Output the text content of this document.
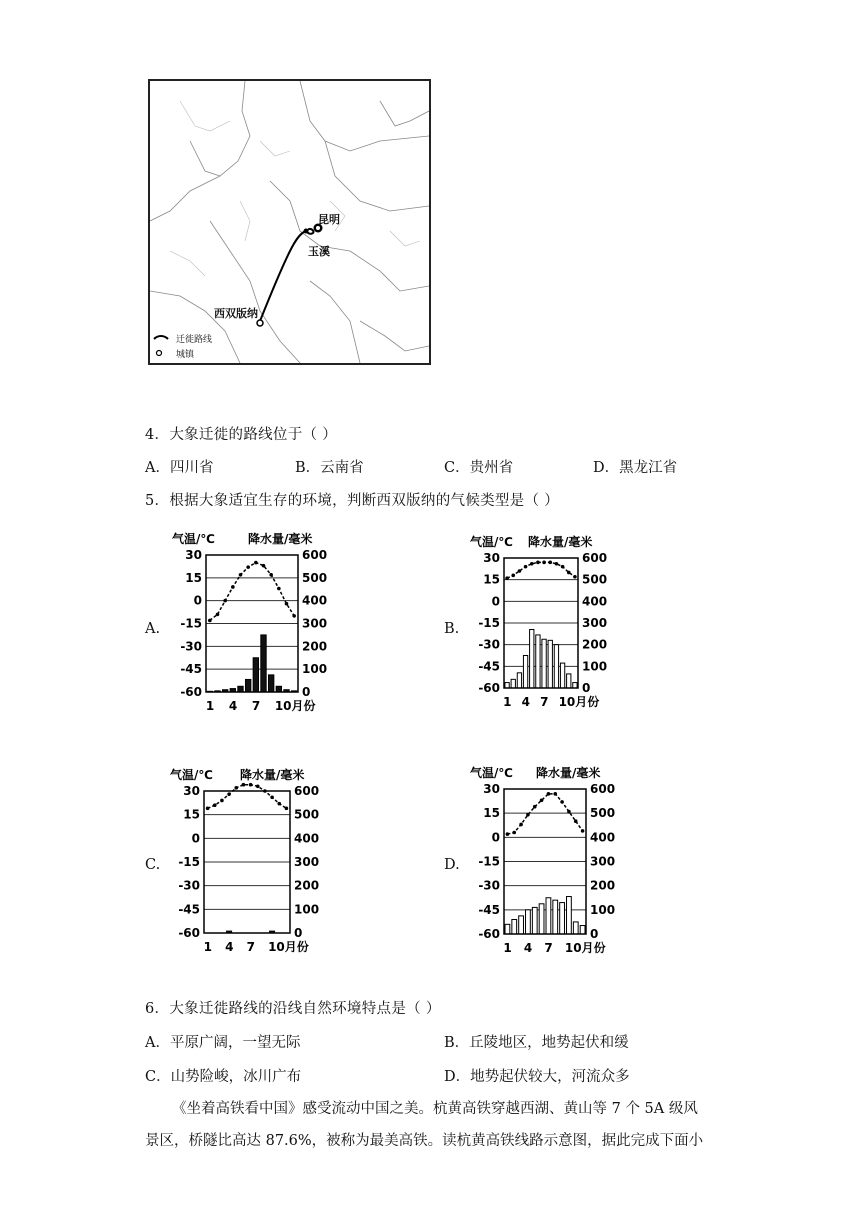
昆明
玉溪
西双版纳
迁徙路线
城镇
4．大象迁徙的路线位于（ ）
A．四川省	B．云南省	C．贵州省	D．黑龙江省
5．根据大象适宜生存的环境，判断西双版纳的气候类型是（ ）
A.	B.
C.	D.
气温/℃	降水量/毫米
30	600
15	500
0	400
-15	300
-30	200
-45	100
-60	0
1 4 7 10月份
气温/℃ 降水量/毫米
30	600
15	500
0	400
-15	300
-30	200
-45	100
-60	0
1 4 7 10月份
气温/℃ 降水量/毫米
30	600
15	500
0	400
-15	300
-30	200
-45	100
-60	0
1 4 7 10月份
气温/℃ 降水量/毫米
30	600
15	500
0	400
-15	300
-30	200
-45	100
-60	0
1 4 7 10月份
6．大象迁徙路线的沿线自然环境特点是（ ）
A．平原广阔，一望无际	B．丘陵地区，地势起伏和缓
C．山势险峻，冰川广布	D．地势起伏较大，河流众多
《坐着高铁看中国》感受流动中国之美。杭黄高铁穿越西湖、黄山等 7 个 5A 级风
景区，桥隧比高达 87.6%，被称为最美高铁。读杭黄高铁线路示意图，据此完成下面小
